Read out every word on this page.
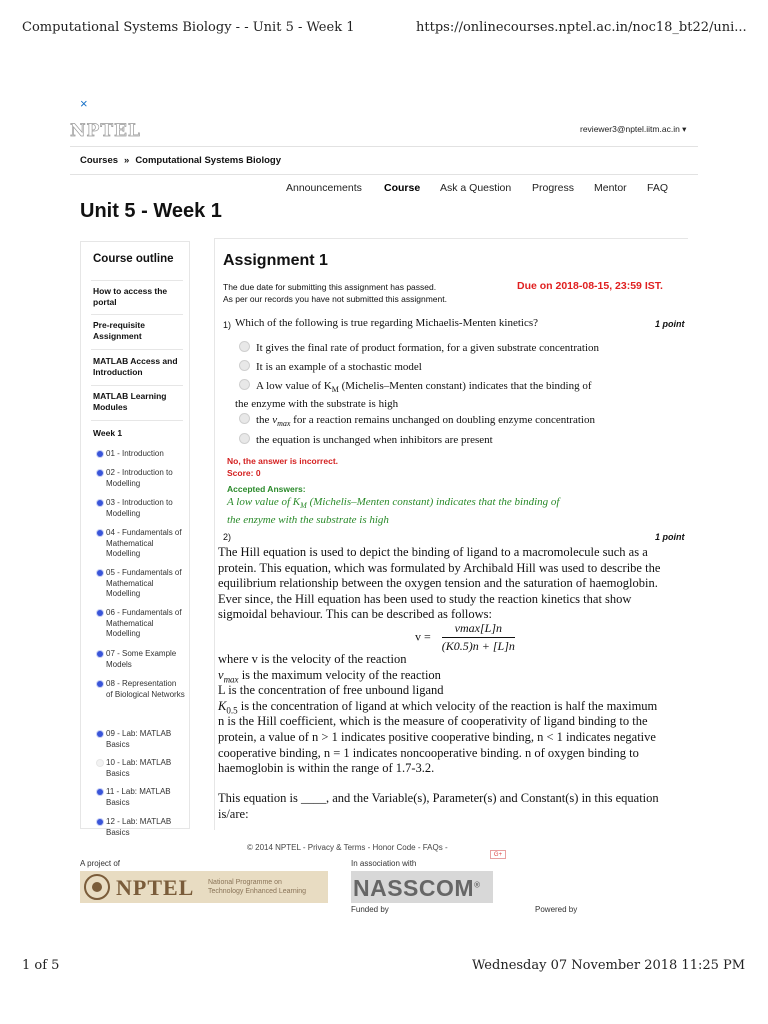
Computational Systems Biology - - Unit 5 - Week 1	https://onlinecourses.nptel.ac.in/noc18_bt22/uni...
×
NPTEL	reviewer3@nptel.iitm.ac.in ▾
Courses » Computational Systems Biology
Announcements Course Ask a Question Progress Mentor FAQ
Unit 5 - Week 1
Course outline
How to access the portal
Pre-requisite Assignment
MATLAB Access and Introduction
MATLAB Learning Modules
Week 1
01 - Introduction
02 - Introduction to Modelling
03 - Introduction to Modelling
04 - Fundamentals of Mathematical Modelling
05 - Fundamentals of Mathematical Modelling
06 - Fundamentals of Mathematical Modelling
07 - Some Example Models
08 - Representation of Biological Networks
09 - Lab: MATLAB Basics
10 - Lab: MATLAB Basics
11 - Lab: MATLAB Basics
12 - Lab: MATLAB Basics
Assignment 1
The due date for submitting this assignment has passed.
As per our records you have not submitted this assignment.
Due on 2018-08-15, 23:59 IST.
1) Which of the following is true regarding Michaelis-Menten kinetics?	1 point
It gives the final rate of product formation, for a given substrate concentration
It is an example of a stochastic model
A low value of $K_M$ (Michelis–Menten constant) indicates that the binding of
the enzyme with the substrate is high
the $v_{max}$ for a reaction remains unchanged on doubling enzyme concentration
the equation is unchanged when inhibitors are present
No, the answer is incorrect.
Score: 0
Accepted Answers:
A low value of $K_M$ (Michelis–Menten constant) indicates that the binding of
the enzyme with the substrate is high
2)	1 point
The Hill equation is used to depict the binding of ligand to a macromolecule such as a
protein. This equation, which was formulated by Archibald Hill was used to describe the
equilibrium relationship between the oxygen tension and the saturation of haemoglobin.
Ever since, the Hill equation has been used to study the reaction kinetics that show
sigmoidal behaviour. This can be described as follows:
$v = \frac{vmax[L]n}{(K0.5)n + [L]n}$
where v is the velocity of the reaction
$v_{max}$ is the maximum velocity of the reaction
L is the concentration of free unbound ligand
$K_{0.5}$ is the concentration of ligand at which velocity of the reaction is half the maximum
n is the Hill coefficient, which is the measure of cooperativity of ligand binding to the
protein, a value of n > 1 indicates positive cooperative binding, n < 1 indicates negative
cooperative binding, n = 1 indicates noncooperative binding. n of oxygen binding to
haemoglobin is within the range of 1.7-3.2.
This equation is ____, and the Variable(s), Parameter(s) and Constant(s) in this equation
is/are:
© 2014 NPTEL - Privacy & Terms - Honor Code - FAQs -
G+
A project of	In association with
NPTEL National Programme on
Technology Enhanced Learning NASSCOM®
Funded by	Powered by
1 of 5	Wednesday 07 November 2018 11:25 PM
